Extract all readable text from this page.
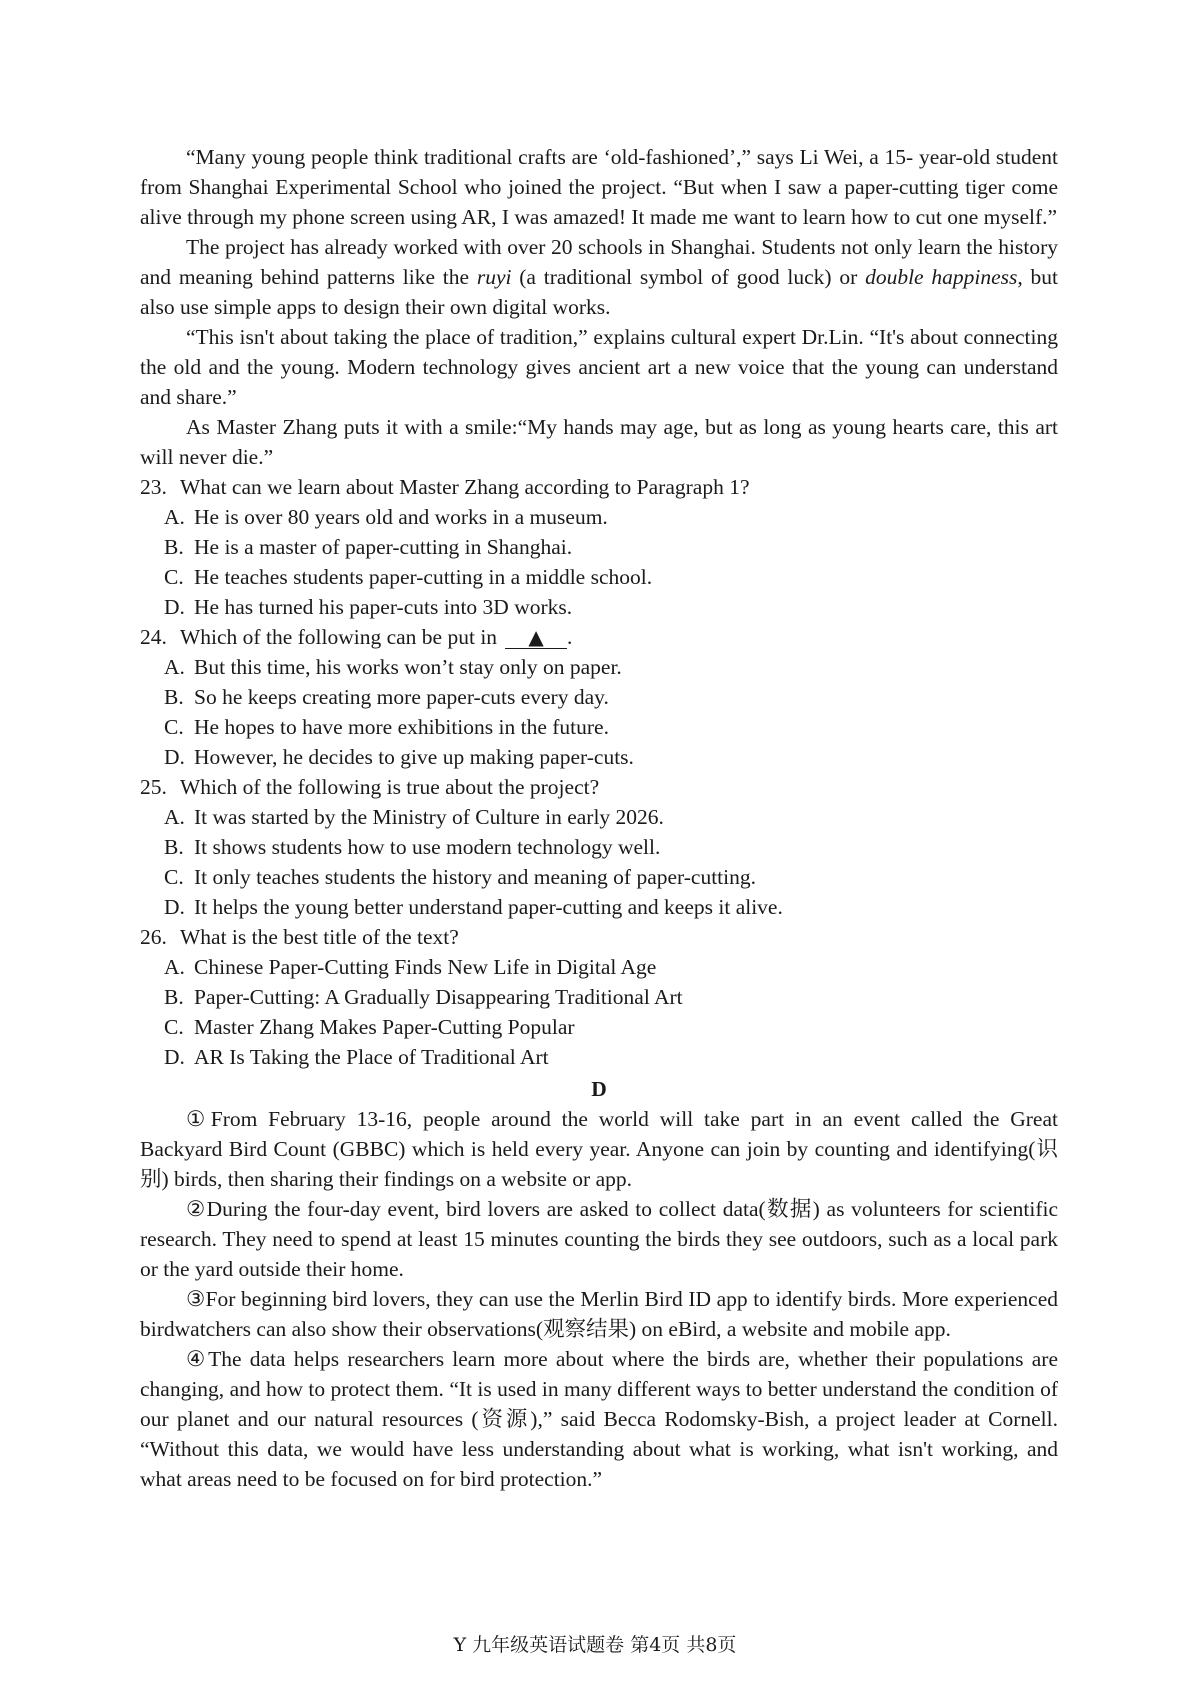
“Many young people think traditional crafts are ‘old-fashioned’,” says Li Wei, a 15- year-old student from Shanghai Experimental School who joined the project. “But when I saw a paper-cutting tiger come alive through my phone screen using AR, I was amazed! It made me want to learn how to cut one myself.”

The project has already worked with over 20 schools in Shanghai. Students not only learn the history and meaning behind patterns like the ruyi (a traditional symbol of good luck) or double happiness, but also use simple apps to design their own digital works.

“This isn't about taking the place of tradition,” explains cultural expert Dr.Lin. “It's about connecting the old and the young. Modern technology gives ancient art a new voice that the young can understand and share.”

As Master Zhang puts it with a smile:“My hands may age, but as long as young hearts care, this art will never die.”

23. What can we learn about Master Zhang according to Paragraph 1?

A. He is over 80 years old and works in a museum.

B. He is a master of paper-cutting in Shanghai.

C. He teaches students paper-cutting in a middle school.

D. He has turned his paper-cuts into 3D works.

24. Which of the following can be put in ▲ .

A. But this time, his works won’t stay only on paper.

B. So he keeps creating more paper-cuts every day.

C. He hopes to have more exhibitions in the future.

D. However, he decides to give up making paper-cuts.

25. Which of the following is true about the project?

A. It was started by the Ministry of Culture in early 2026.

B. It shows students how to use modern technology well.

C. It only teaches students the history and meaning of paper-cutting.

D. It helps the young better understand paper-cutting and keeps it alive.

26. What is the best title of the text?

A. Chinese Paper-Cutting Finds New Life in Digital Age

B. Paper-Cutting: A Gradually Disappearing Traditional Art

C. Master Zhang Makes Paper-Cutting Popular

D. AR Is Taking the Place of Traditional Art

D

①From February 13-16, people around the world will take part in an event called the Great Backyard Bird Count (GBBC) which is held every year. Anyone can join by counting and identifying(识别) birds, then sharing their findings on a website or app.

②During the four-day event, bird lovers are asked to collect data(数据) as volunteers for scientific research. They need to spend at least 15 minutes counting the birds they see outdoors, such as a local park or the yard outside their home.

③For beginning bird lovers, they can use the Merlin Bird ID app to identify birds. More experienced birdwatchers can also show their observations(观察结果) on eBird, a website and mobile app.

④The data helps researchers learn more about where the birds are, whether their populations are changing, and how to protect them. “It is used in many different ways to better understand the condition of our planet and our natural resources (资源),” said Becca Rodomsky-Bish, a project leader at Cornell. “Without this data, we would have less understanding about what is working, what isn't working, and what areas need to be focused on for bird protection.”

Y 九年级英语试题卷 第4页 共8页
